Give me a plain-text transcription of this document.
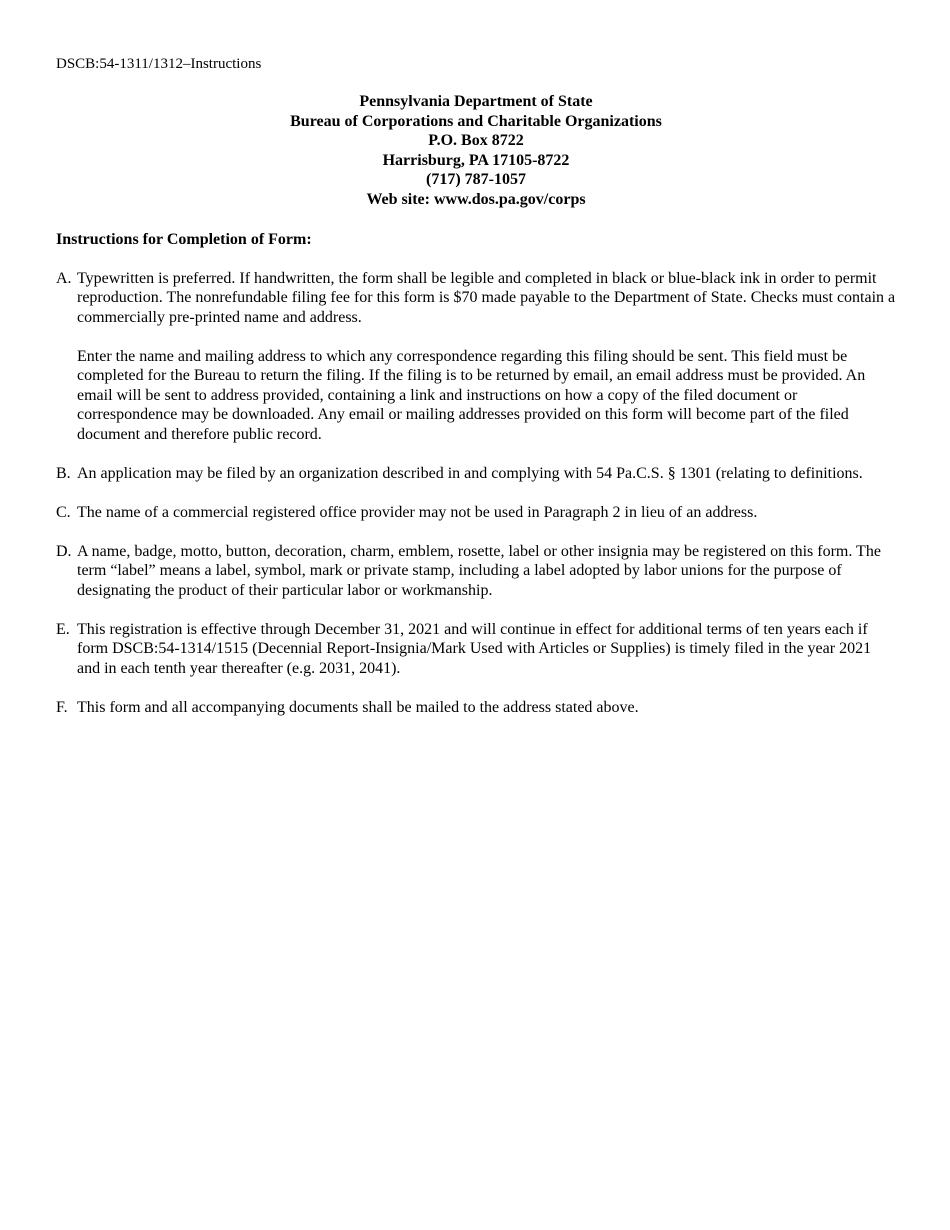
DSCB:54-1311/1312–Instructions
Pennsylvania Department of State
Bureau of Corporations and Charitable Organizations
P.O. Box 8722
Harrisburg, PA 17105-8722
(717) 787-1057
Web site: www.dos.pa.gov/corps
Instructions for Completion of Form:
A. Typewritten is preferred. If handwritten, the form shall be legible and completed in black or blue-black ink in order to permit reproduction. The nonrefundable filing fee for this form is $70 made payable to the Department of State. Checks must contain a commercially pre-printed name and address.

Enter the name and mailing address to which any correspondence regarding this filing should be sent. This field must be completed for the Bureau to return the filing. If the filing is to be returned by email, an email address must be provided. An email will be sent to address provided, containing a link and instructions on how a copy of the filed document or correspondence may be downloaded. Any email or mailing addresses provided on this form will become part of the filed document and therefore public record.

B. An application may be filed by an organization described in and complying with 54 Pa.C.S. § 1301 (relating to definitions.

C. The name of a commercial registered office provider may not be used in Paragraph 2 in lieu of an address.

D. A name, badge, motto, button, decoration, charm, emblem, rosette, label or other insignia may be registered on this form. The term “label” means a label, symbol, mark or private stamp, including a label adopted by labor unions for the purpose of designating the product of their particular labor or workmanship.

E. This registration is effective through December 31, 2021 and will continue in effect for additional terms of ten years each if form DSCB:54-1314/1515 (Decennial Report-Insignia/Mark Used with Articles or Supplies) is timely filed in the year 2021 and in each tenth year thereafter (e.g. 2031, 2041).

F. This form and all accompanying documents shall be mailed to the address stated above.
